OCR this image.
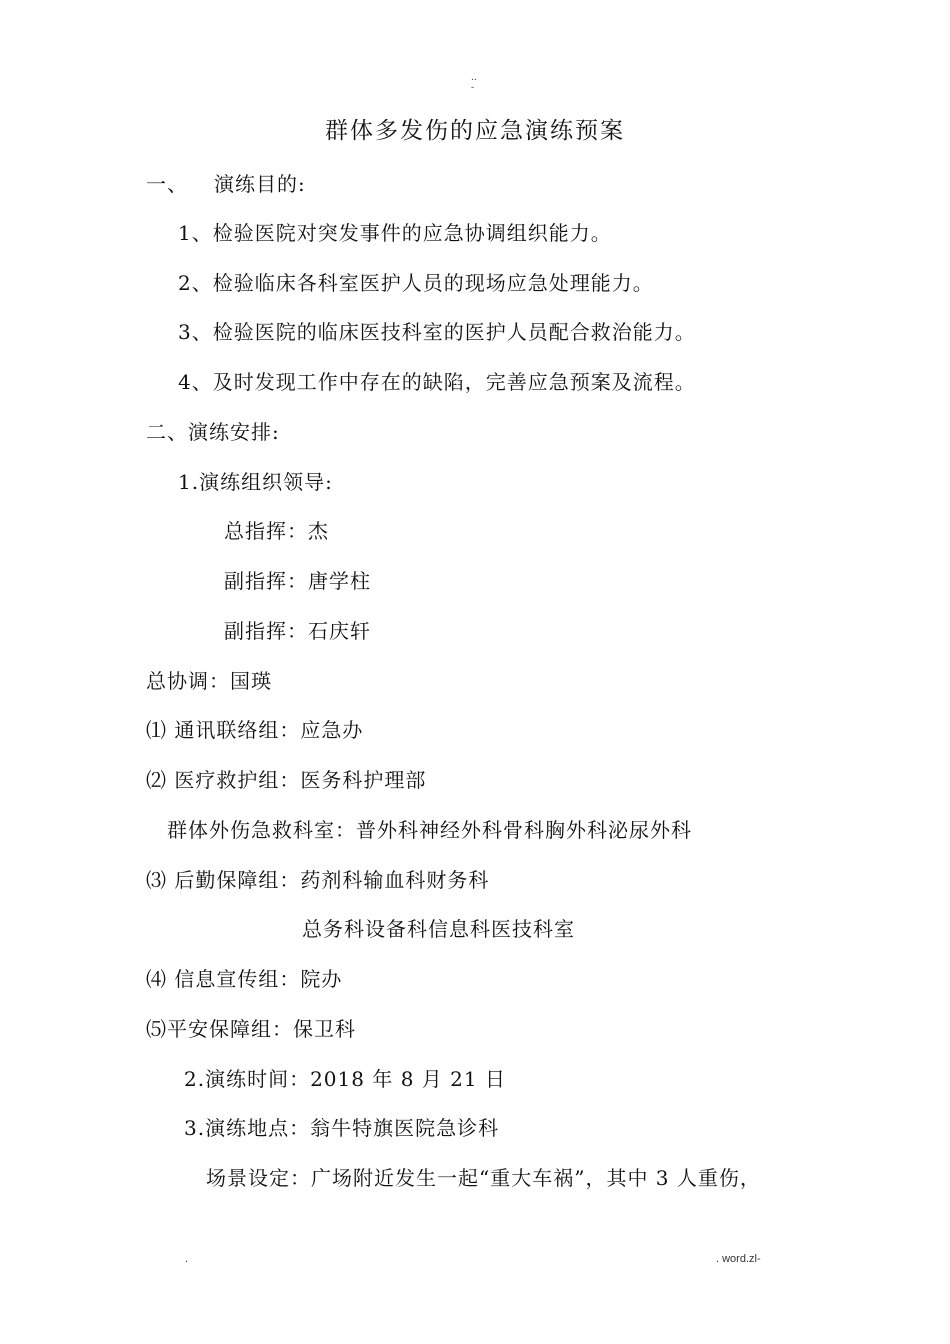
..
-
群体多发伤的应急演练预案
一、 演练目的:
1、检验医院对突发事件的应急协调组织能力。
2、检验临床各科室医护人员的现场应急处理能力。
3、检验医院的临床医技科室的医护人员配合救治能力。
4、及时发现工作中存在的缺陷，完善应急预案及流程。
二、演练安排:
1.演练组织领导:
总指挥：杰
副指挥：唐学柱
副指挥：石庆轩
总协调：国瑛
⑴ 通讯联络组：应急办
⑵ 医疗救护组：医务科护理部
群体外伤急救科室：普外科神经外科骨科胸外科泌尿外科
⑶ 后勤保障组：药剂科输血科财务科
总务科设备科信息科医技科室
⑷ 信息宣传组：院办
⑸平安保障组：保卫科
2.演练时间：2018 年 8 月 21 日
3.演练地点：翁牛特旗医院急诊科
场景设定：广场附近发生一起“重大车祸”，其中 3 人重伤，
.	. word.zl-
